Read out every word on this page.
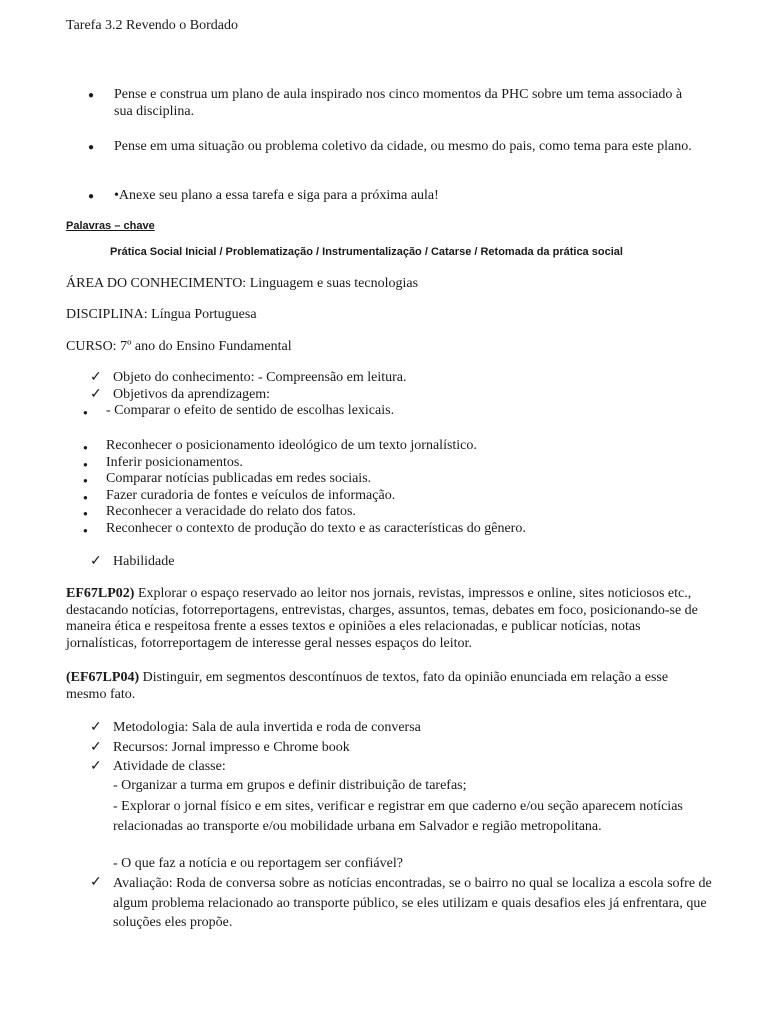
Tarefa 3.2 Revendo o Bordado
● Pense e construa um plano de aula inspirado nos cinco momentos da PHC sobre um tema associado à sua disciplina.
● Pense em uma situação ou problema coletivo da cidade, ou mesmo do pais, como tema para este plano.
● •Anexe seu plano a essa tarefa e siga para a próxima aula!
Palavras – chave
Prática Social Inicial / Problematização / Instrumentalização / Catarse / Retomada da prática social
ÁREA DO CONHECIMENTO: Linguagem e suas tecnologias
DISCIPLINA: Língua Portuguesa
CURSO: 7º ano do Ensino Fundamental
✓ Objeto do conhecimento: - Compreensão em leitura.
✓ Objetivos da aprendizagem:
● - Comparar o efeito de sentido de escolhas lexicais.
● Reconhecer o posicionamento ideológico de um texto jornalístico.
● Inferir posicionamentos.
● Comparar notícias publicadas em redes sociais.
● Fazer curadoria de fontes e veículos de informação.
● Reconhecer a veracidade do relato dos fatos.
● Reconhecer o contexto de produção do texto e as características do gênero.
✓ Habilidade
EF67LP02) Explorar o espaço reservado ao leitor nos jornais, revistas, impressos e online, sites noticiosos etc., destacando notícias, fotorreportagens, entrevistas, charges, assuntos, temas, debates em foco, posicionando-se de maneira ética e respeitosa frente a esses textos e opiniões a eles relacionadas, e publicar notícias, notas jornalísticas, fotorreportagem de interesse geral nesses espaços do leitor.
(EF67LP04) Distinguir, em segmentos descontínuos de textos, fato da opinião enunciada em relação a esse mesmo fato.
✓ Metodologia: Sala de aula invertida e roda de conversa
✓ Recursos: Jornal impresso e Chrome book
✓ Atividade de classe:
- Organizar a turma em grupos e definir distribuição de tarefas;
- Explorar o jornal físico e em sites, verificar e registrar em que caderno e/ou seção aparecem notícias relacionadas ao transporte e/ou mobilidade urbana em Salvador e região metropolitana.
- O que faz a notícia e ou reportagem ser confiável?
✓ Avaliação: Roda de conversa sobre as notícias encontradas, se o bairro no qual se localiza a escola sofre de algum problema relacionado ao transporte público, se eles utilizam e quais desafios eles já enfrentara, que soluções eles propõe.
